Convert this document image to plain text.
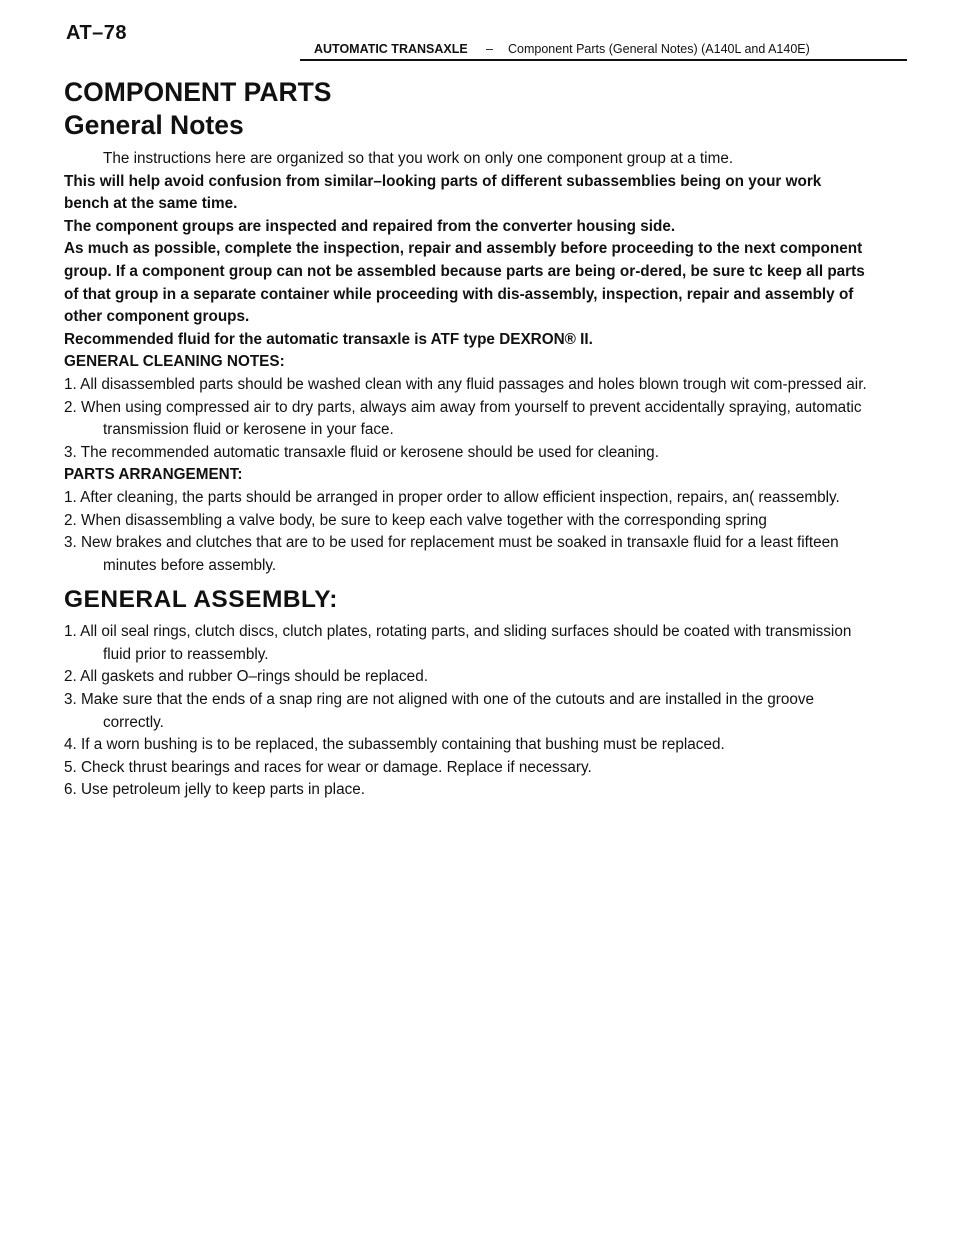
AT–78
AUTOMATIC TRANSAXLE – Component Parts (General Notes) (A140L and A140E)
COMPONENT PARTS
General Notes

The instructions here are organized so that you work on only one component group at a time.

This will help avoid confusion from similar–looking parts of different subassemblies being on your work bench at the same time.

The component groups are inspected and repaired from the converter housing side.

As much as possible, complete the inspection, repair and assembly before proceeding to the next component group. If a component group can not be assembled because parts are being or-dered, be sure tc keep all parts of that group in a separate container while proceeding with dis-assembly, inspection, repair and assembly of other component groups.

Recommended fluid for the automatic transaxle is ATF type DEXRON® II.

GENERAL CLEANING NOTES:
1. All disassembled parts should be washed clean with any fluid passages and holes blown trough wit com-pressed air.
2. When using compressed air to dry parts, always aim away from yourself to prevent accidentally spraying, automatic transmission fluid or kerosene in your face.
3. The recommended automatic transaxle fluid or kerosene should be used for cleaning.
PARTS ARRANGEMENT:
1. After cleaning, the parts should be arranged in proper order to allow efficient inspection, repairs, an( reassembly.
2. When disassembling a valve body, be sure to keep each valve together with the corresponding spring
3. New brakes and clutches that are to be used for replacement must be soaked in transaxle fluid for a least fifteen minutes before assembly.
GENERAL ASSEMBLY:
1. All oil seal rings, clutch discs, clutch plates, rotating parts, and sliding surfaces should be coated with transmission fluid prior to reassembly.
2. All gaskets and rubber O–rings should be replaced.
3. Make sure that the ends of a snap ring are not aligned with one of the cutouts and are installed in the groove correctly.
4. If a worn bushing is to be replaced, the subassembly containing that bushing must be replaced.
5. Check thrust bearings and races for wear or damage. Replace if necessary.
6. Use petroleum jelly to keep parts in place.
